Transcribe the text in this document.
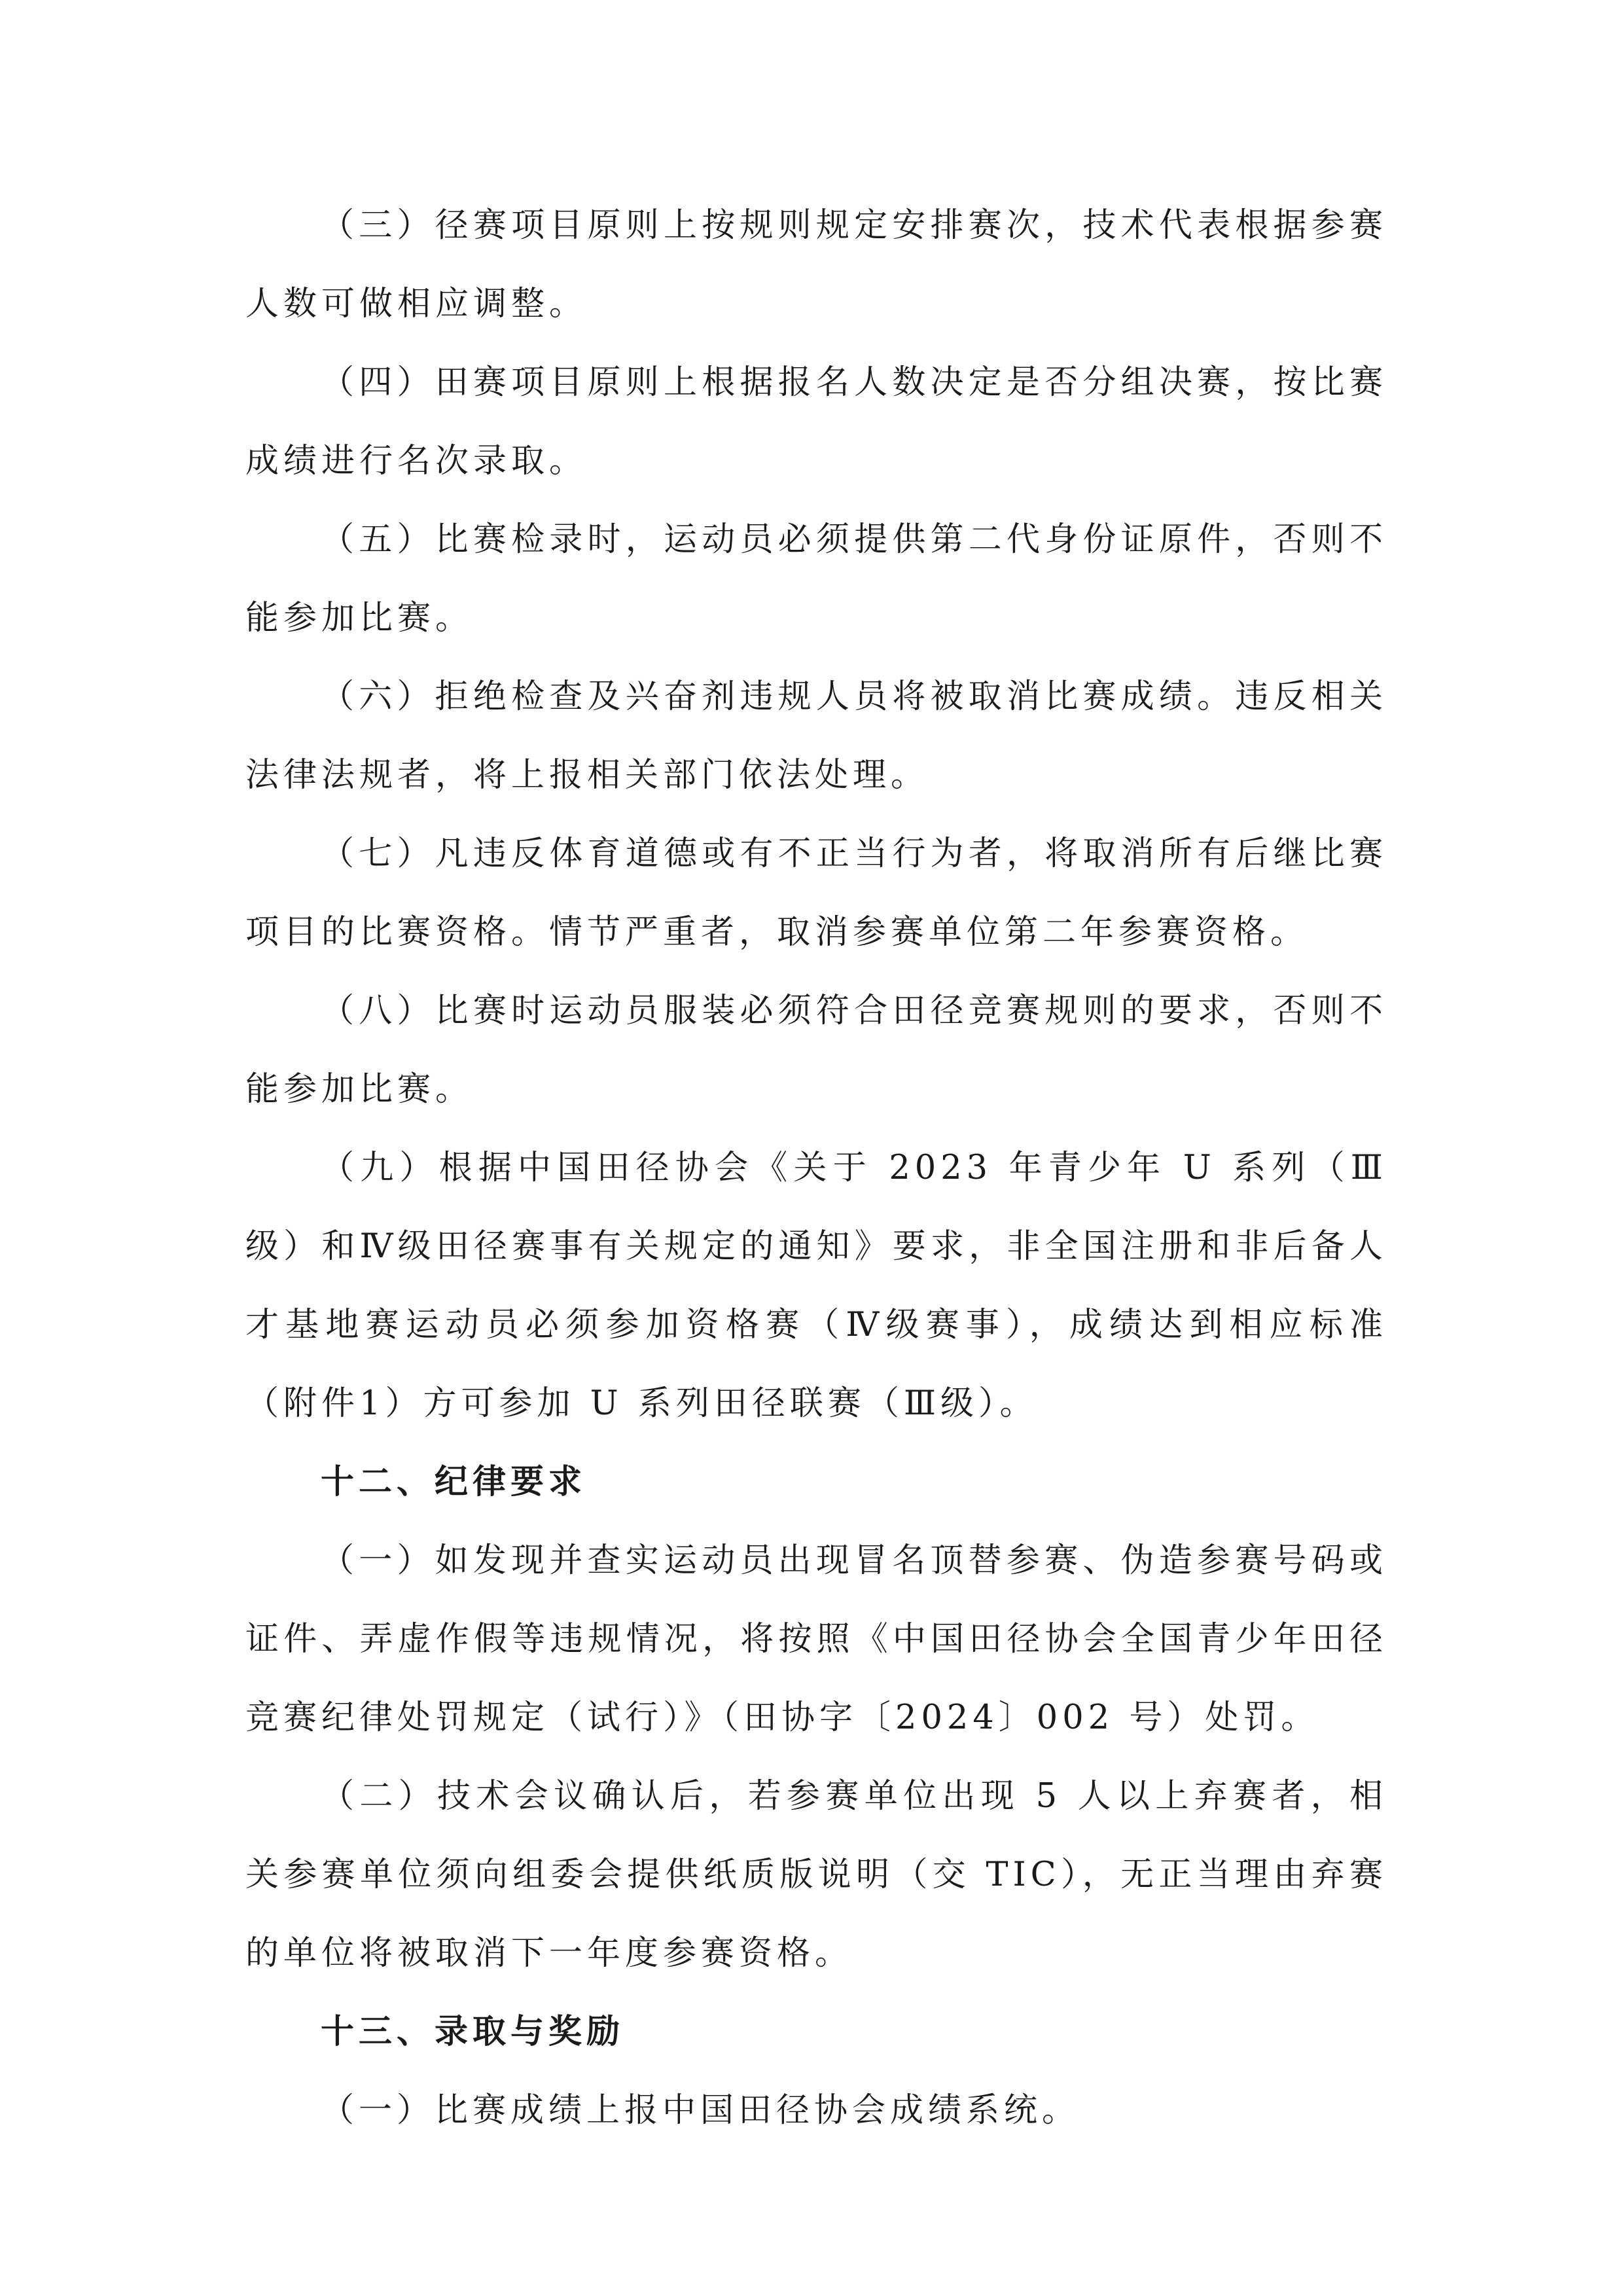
（三）径赛项目原则上按规则规定安排赛次，技术代表根据参赛人数可做相应调整。

（四）田赛项目原则上根据报名人数决定是否分组决赛，按比赛成绩进行名次录取。

（五）比赛检录时，运动员必须提供第二代身份证原件，否则不能参加比赛。

（六）拒绝检查及兴奋剂违规人员将被取消比赛成绩。违反相关法律法规者，将上报相关部门依法处理。

（七）凡违反体育道德或有不正当行为者，将取消所有后继比赛项目的比赛资格。情节严重者，取消参赛单位第二年参赛资格。

（八）比赛时运动员服装必须符合田径竞赛规则的要求，否则不能参加比赛。

（九）根据中国田径协会《关于 2023 年青少年 U 系列（Ⅲ级）和Ⅳ级田径赛事有关规定的通知》要求，非全国注册和非后备人才基地赛运动员必须参加资格赛（Ⅳ级赛事），成绩达到相应标准（附件1）方可参加 U 系列田径联赛（Ⅲ级）。

十二、纪律要求

（一）如发现并查实运动员出现冒名顶替参赛、伪造参赛号码或证件、弄虚作假等违规情况，将按照《中国田径协会全国青少年田径竞赛纪律处罚规定（试行）》（田协字〔2024〕002 号）处罚。

（二）技术会议确认后，若参赛单位出现 5 人以上弃赛者，相关参赛单位须向组委会提供纸质版说明（交 TIC），无正当理由弃赛的单位将被取消下一年度参赛资格。

十三、录取与奖励

（一）比赛成绩上报中国田径协会成绩系统。
